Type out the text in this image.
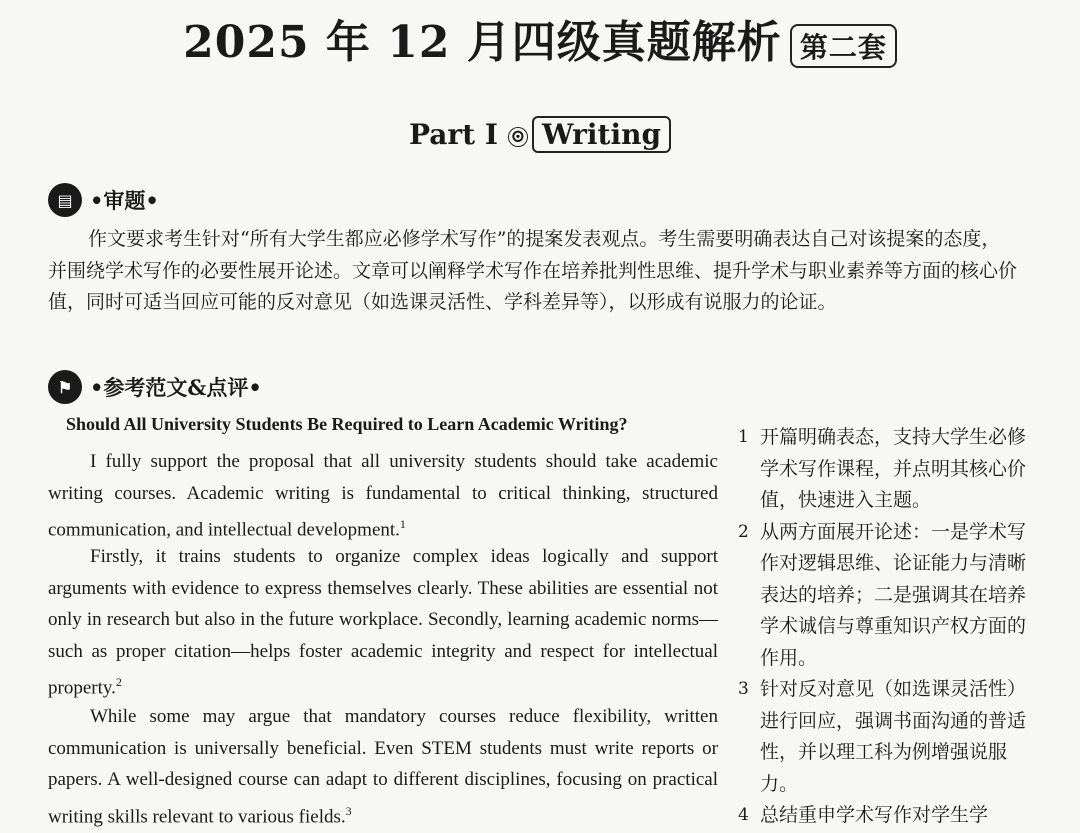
2025 年 12 月四级真题解析 第二套
Part I ⊙ Writing
▤ •审题•

作文要求考生针对“所有大学生都应必修学术写作”的提案发表观点。考生需要明确表达自己对该提案的态度，并围绕学术写作的必要性展开论述。文章可以阐释学术写作在培养批判性思维、提升学术与职业素养等方面的核心价值，同时可适当回应可能的反对意见（如选课灵活性、学科差异等），以形成有说服力的论证。

⚑ •参考范文&点评•
Should All University Students Be Required to Learn Academic Writing?

I fully support the proposal that all university students should take academic writing courses. Academic writing is fundamental to critical thinking, structured communication, and intellectual development.$^1$

Firstly, it trains students to organize complex ideas logically and support arguments with evidence to express themselves clearly. These abilities are essential not only in research but also in the future workplace. Secondly, learning academic norms—such as proper citation—helps foster academic integrity and respect for intellectual property.$^2$

While some may argue that mandatory courses reduce flexibility, written communication is universally beneficial. Even STEM students must write reports or papers. A well-designed course can adapt to different disciplines, focusing on practical writing skills relevant to various fields.$^3$

1 开篇明确表态，支持大学生必修学术写作课程，并点明其核心价值，快速进入主题。
2 从两方面展开论述：一是学术写作对逻辑思维、论证能力与清晰表达的培养；二是强调其在培养学术诚信与尊重知识产权方面的作用。
3 针对反对意见（如选课灵活性）进行回应，强调书面沟通的普适性，并以理工科为例增强说服力。
4 总结重申学术写作对学生学
